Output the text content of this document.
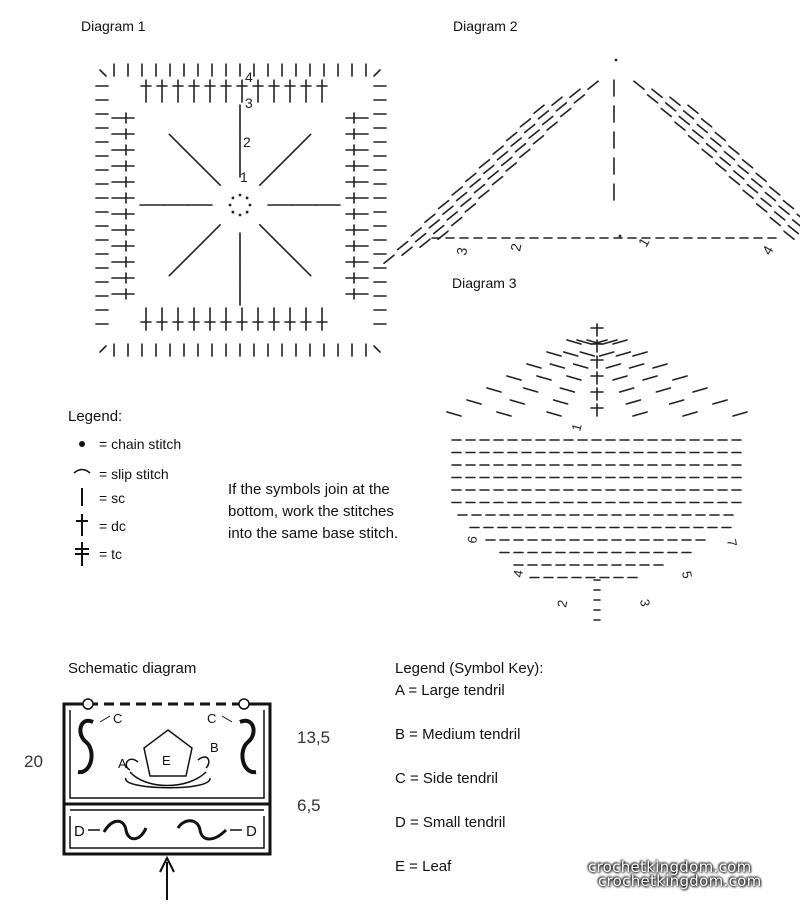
Diagram 1	Diagram 2
Diagram 3
4
3
2
1
3	2	1
4
1
7
6
5
4
3
2
Legend:
= chain stitch
= slip stitch
= sc
= dc
= tc
If the symbols join at the
bottom, work the stitches
into the same base stitch.
Schematic diagram
C	C
A	E
B
D	D
20
13,5
6,5
Legend (Symbol Key):
A = Large tendril
B = Medium tendril
C = Side tendril
D = Small tendril
E = Leaf	crochetkingdom.com
crochetkingdom.com
